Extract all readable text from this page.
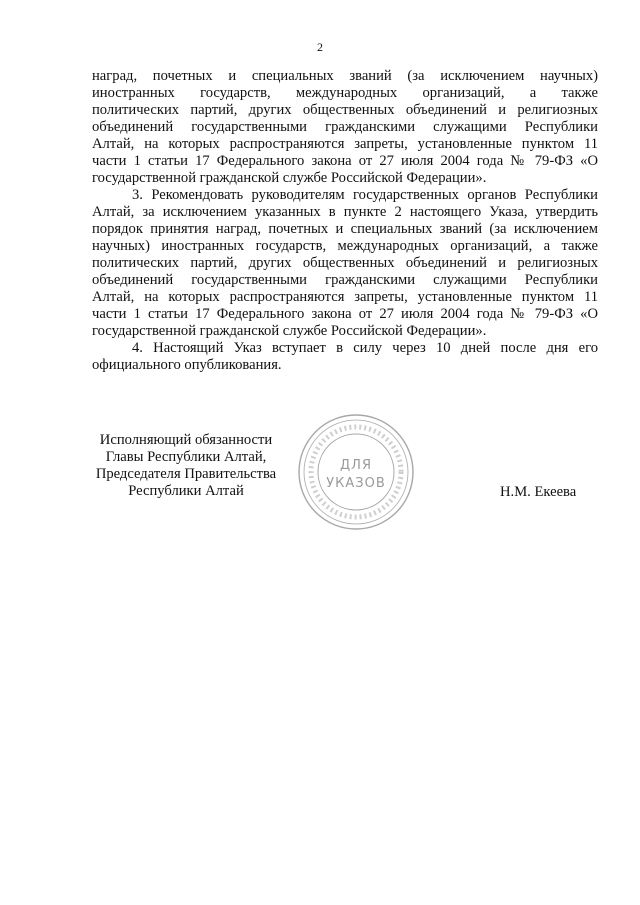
2
наград, почетных и специальных званий (за исключением научных)
иностранных государств, международных организаций, а также
политических партий, других общественных объединений и религиозных
объединений государственными гражданскими служащими Республики
Алтай, на которых распространяются запреты, установленные пунктом 11
части 1 статьи 17 Федерального закона от 27 июля 2004 года № 79-ФЗ «О
государственной гражданской службе Российской Федерации».
3. Рекомендовать руководителям государственных органов Республики
Алтай, за исключением указанных в пункте 2 настоящего Указа, утвердить
порядок принятия наград, почетных и специальных званий (за исключением
научных) иностранных государств, международных организаций, а также
политических партий, других общественных объединений и религиозных
объединений государственными гражданскими служащими Республики
Алтай, на которых распространяются запреты, установленные пунктом 11
части 1 статьи 17 Федерального закона от 27 июля 2004 года № 79-ФЗ «О
государственной гражданской службе Российской Федерации».
4. Настоящий Указ вступает в силу через 10 дней после дня его
официального опубликования.
Исполняющий обязанности
Главы Республики Алтай,
Председателя Правительства
Республики Алтай
ДЛЯ
УКАЗОВ
Н.М. Екеева
